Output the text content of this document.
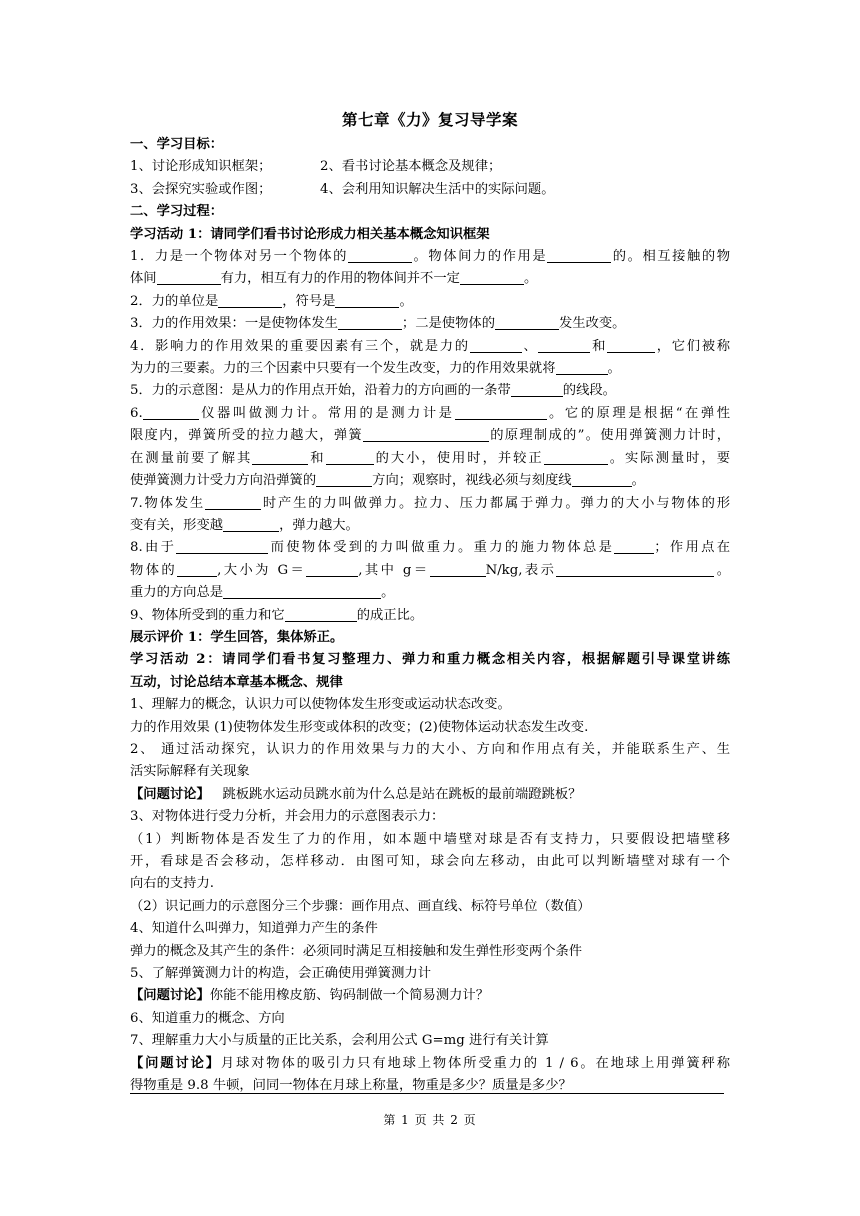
第七章《力》复习导学案

一、学习目标：

1、讨论形成知识框架；	2、看书讨论基本概念及规律；

3、会探究实验或作图；	4、会利用知识解决生活中的实际问题。

二、学习过程：

学习活动 1：请同学们看书讨论形成力相关基本概念知识框架

1．力是一个物体对另一个物体的	。物体间力的作用是	的。相互接触的物

体间	有力，相互有力的作用的物体间并不一定	。

2．力的单位是	，符号是	。

3．力的作用效果：一是使物体发生	；二是使物体的	发生改变。

4．影响力的作用效果的重要因素有三个，就是力的	、	和	，它们被称

为力的三要素。力的三个因素中只要有一个发生改变，力的作用效果就将	。

5．力的示意图：是从力的作用点开始，沿着力的方向画的一条带	的线段。

6.	仪器叫做测力计。常用的是测力计是	。它的原理是根据“在弹性

限度内，弹簧所受的拉力越大，弹簧	的原理制成的”。使用弹簧测力计时，

在测量前要了解其	和	的大小，使用时，并较正	。实际测量时，要

使弹簧测力计受力方向沿弹簧的	方向；观察时，视线必须与刻度线	。

7.物体发生	时产生的力叫做弹力。拉力、压力都属于弹力。弹力的大小与物体的形

变有关，形变越	，弹力越大。

8.由于	而使物体受到的力叫做重力。重力的施力物体总是	；作用点在

物体的	,大小为 G＝	,其中 g＝	N/kg,表示	。

重力的方向总是	。

9、物体所受到的重力和它	的成正比。

展示评价 1：学生回答，集体矫正。

学习活动 2：请同学们看书复习整理力、弹力和重力概念相关内容，根据解题引导课堂讲练

互动，讨论总结本章基本概念、规律

1、理解力的概念，认识力可以使物体发生形变或运动状态改变。

力的作用效果 (1)使物体发生形变或体积的改变；(2)使物体运动状态发生改变.

2、 通过活动探究，认识力的作用效果与力的大小、方向和作用点有关，并能联系生产、生

活实际解释有关现象

【问题讨论】 跳板跳水运动员跳水前为什么总是站在跳板的最前端蹬跳板？

3、对物体进行受力分析，并会用力的示意图表示力：

（1）判断物体是否发生了力的作用，如本题中墙壁对球是否有支持力，只要假设把墙壁移

开，看球是否会移动，怎样移动．由图可知，球会向左移动，由此可以判断墙壁对球有一个

向右的支持力.

（2）识记画力的示意图分三个步骤：画作用点、画直线、标符号单位（数值）

4、知道什么叫弹力，知道弹力产生的条件

弹力的概念及其产生的条件：必须同时满足互相接触和发生弹性形变两个条件

5、了解弹簧测力计的构造，会正确使用弹簧测力计

【问题讨论】你能不能用橡皮筋、钩码制做一个简易测力计？

6、知道重力的概念、方向

7、理解重力大小与质量的正比关系，会利用公式 G=mg 进行有关计算

【问题讨论】月球对物体的吸引力只有地球上物体所受重力的 1 / 6。在地球上用弹簧秤称

得物重是 9.8 牛顿，问同一物体在月球上称量，物重是多少？质量是多少？

第 1 页 共 2 页
